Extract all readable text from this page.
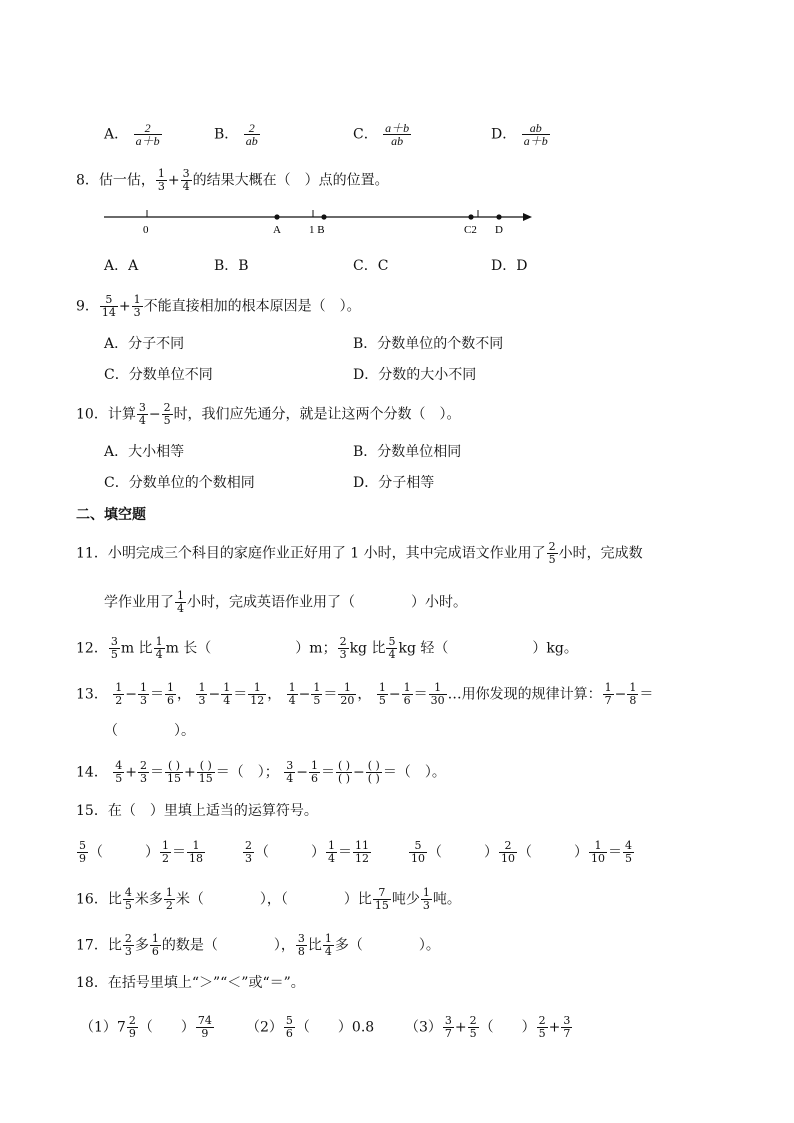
A． $\frac{2}{a+b}$	B． $\frac{2}{ab}$	C． $\frac{a+b}{ab}$	D． $\frac{ab}{a+b}$
8．估一估， $\frac{1}{3} + \frac{3}{4}$ 的结果大概在（　）点的位置。
0	A	1 B	C2 D
A．A	B．B	C．C	D．D
9． $\frac{5}{14} + \frac{1}{3}$ 不能直接相加的根本原因是（　）。
A．分子不同	B．分数单位的个数不同
C．分数单位不同	D．分数的大小不同
10．计算 $\frac{3}{4} - \frac{2}{5}$ 时，我们应先通分，就是让这两个分数（　）。
A．大小相等	B．分数单位相同
C．分数单位的个数相同	D．分子相等
二、填空题
11．小明完成三个科目的家庭作业正好用了 1 小时，其中完成语文作业用了 $\frac{2}{5}$ 小时，完成数
学作业用了 $\frac{1}{4}$ 小时，完成英语作业用了（　　　　）小时。
12． $\frac{3}{5}$ m 比 $\frac{1}{4}$ m 长（　　　　　　）m； $\frac{2}{3}$ kg 比 $\frac{5}{4}$ kg 轻（　　　　　　）kg。
13． $\frac{1}{2} - \frac{1}{3} = \frac{1}{6}$ ， $\frac{1}{3} - \frac{1}{4} = \frac{1}{12}$ ， $\frac{1}{4} - \frac{1}{5} = \frac{1}{20}$ ， $\frac{1}{5} - \frac{1}{6} = \frac{1}{30}$ …用你发现的规律计算： $\frac{1}{7} - \frac{1}{8}$ ＝
（　　　　）。
14． $\frac{4}{5} + \frac{2}{3}$ ＝ ( )
15 + ( )
15 ＝（　）； $\frac{3}{4} - \frac{1}{6}$ ＝ ( )
( ) − ( )
( ) ＝（　）。
15．在（　）里填上适当的运算符号。
$\frac{5}{9}$ （　　　） $\frac{1}{2} = \frac{1}{18}$	$\frac{2}{3}$ （　　　） $\frac{1}{4} = \frac{11}{12}$	$\frac{5}{10}$ （　　　） $\frac{2}{10}$ （　　　） $\frac{1}{10} = \frac{4}{5}$
16．比 $\frac{4}{5}$ 米多 $\frac{1}{2}$ 米（　　　　），（　　　　）比 $\frac{7}{15}$ 吨少 $\frac{1}{3}$ 吨。
17．比 $\frac{2}{3}$ 多 $\frac{1}{6}$ 的数是（　　　　）， $\frac{3}{8}$ 比 $\frac{1}{4}$ 多（　　　　）。
18．在括号里填上“＞”“＜”或“＝”。
$(1)7 \frac{2}{9}$ （　　） $\frac{74}{9} (2) \frac{5}{6}$ （　　）0.8 $(3) \frac{3}{7} + \frac{2}{5}$ （　　） $\frac{2}{5} + \frac{3}{7}$
